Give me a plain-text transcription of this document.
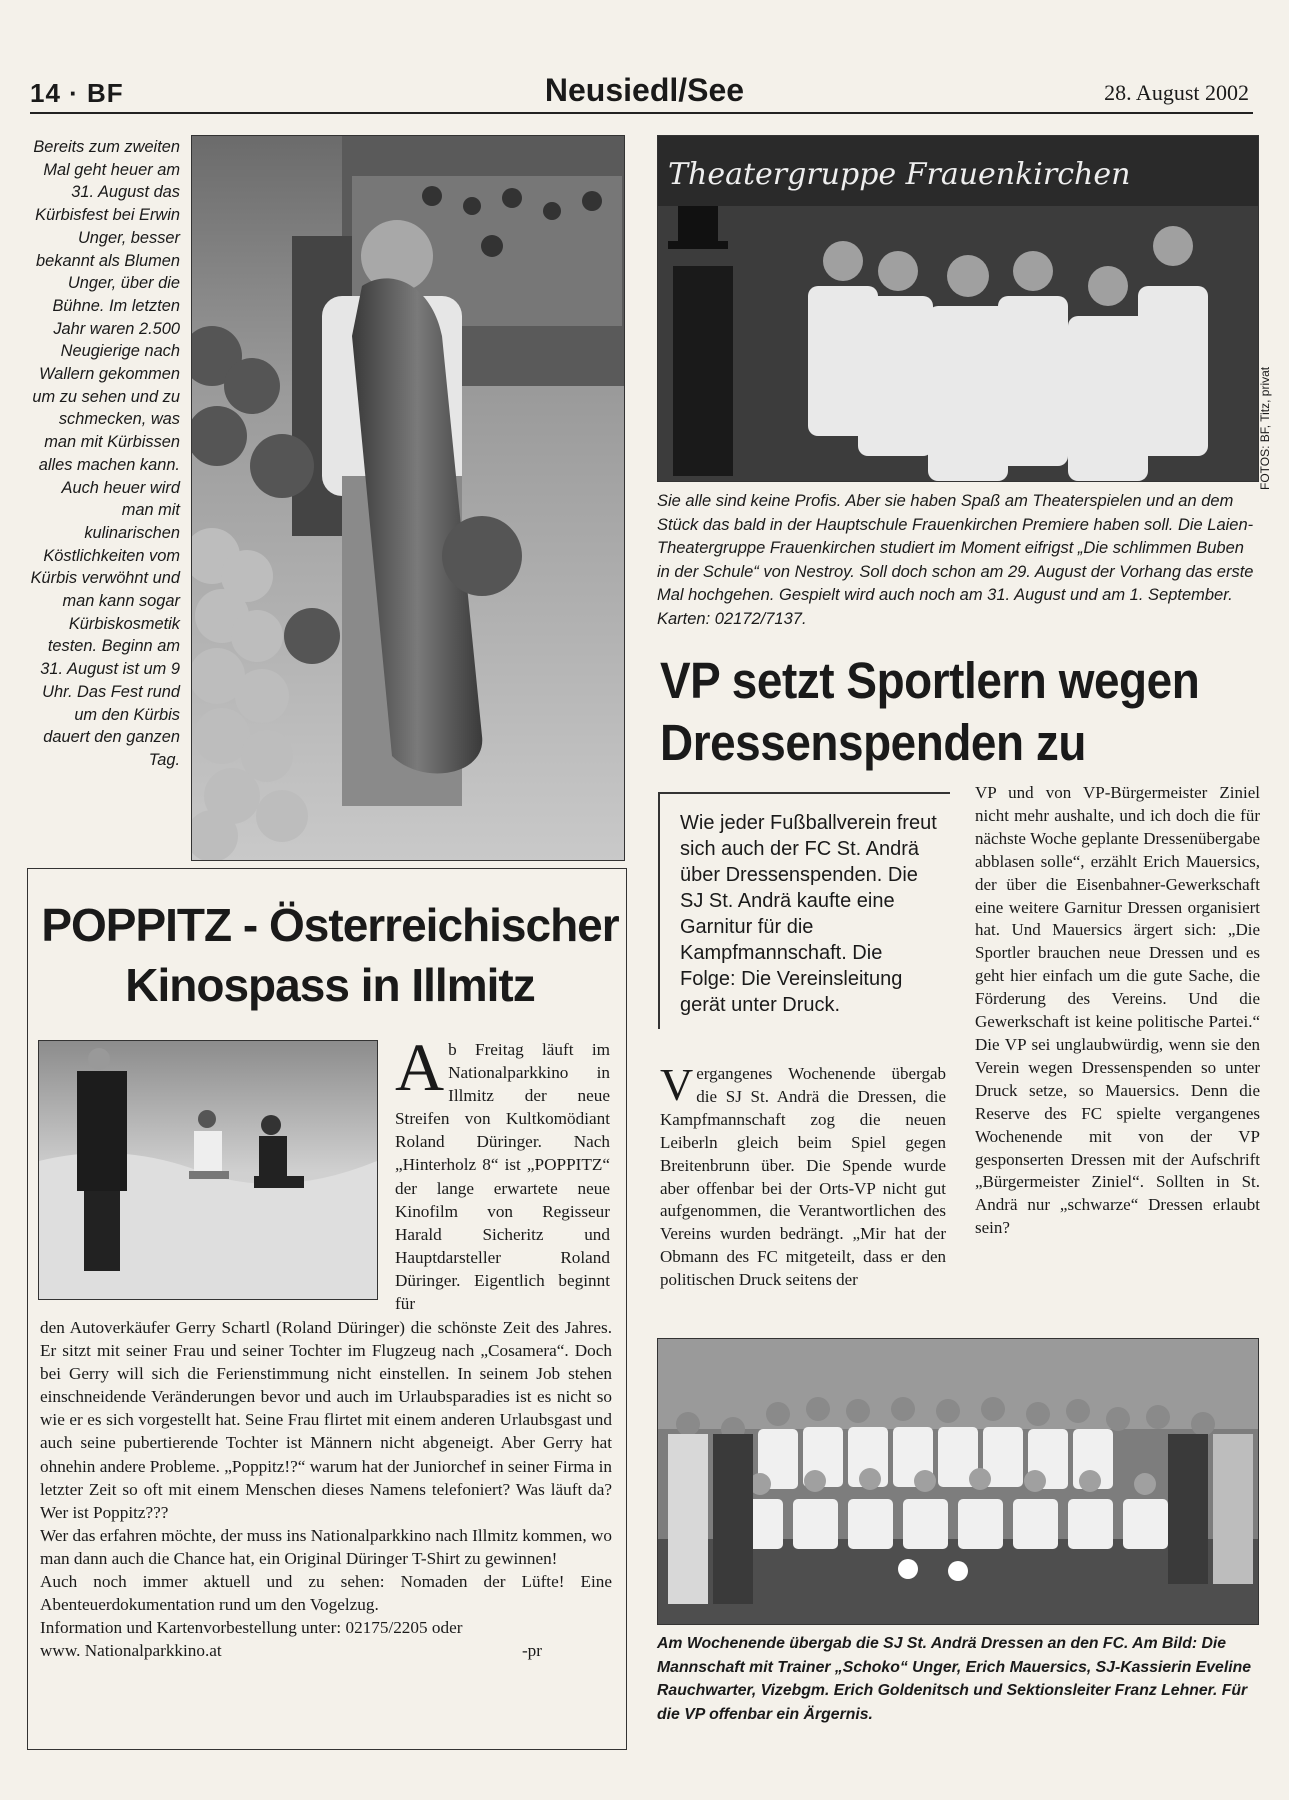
14 · BF	Neusiedl/See	28. August 2002
Bereits zum zweiten Mal geht heuer am 31. August das Kürbisfest bei Erwin Unger, besser bekannt als Blumen Unger, über die Bühne. Im letzten Jahr waren 2.500 Neugierige nach Wallern gekommen um zu sehen und zu schmecken, was man mit Kürbissen alles machen kann. Auch heuer wird man mit kulinarischen Köstlichkeiten vom Kürbis verwöhnt und man kann sogar Kürbiskosmetik testen. Beginn am 31. August ist um 9 Uhr. Das Fest rund um den Kürbis dauert den ganzen Tag.
Theatergruppe Frauenkirchen
FOTOS: BF, Titz, privat
Sie alle sind keine Profis. Aber sie haben Spaß am Theaterspielen und an dem Stück das bald in der Hauptschule Frauenkirchen Premiere haben soll. Die Laien-Theatergruppe Frauenkirchen studiert im Moment eifrigst „Die schlimmen Buben in der Schule“ von Nestroy. Soll doch schon am 29. August der Vorhang das erste Mal hochgehen. Gespielt wird auch noch am 31. August und am 1. September. Karten: 02172/7137.
VP setzt Sportlern wegen Dressenspenden zu
Wie jeder Fußballverein freut sich auch der FC St. Andrä über Dressenspenden. Die SJ St. Andrä kaufte eine Garnitur für die Kampfmannschaft. Die Folge: Die Vereinsleitung gerät unter Druck.
Vergangenes Wochenende übergab die SJ St. Andrä die Dressen, die Kampfmannschaft zog die neuen Leiberln gleich beim Spiel gegen Breitenbrunn über. Die Spende wurde aber offenbar bei der Orts-VP nicht gut aufgenommen, die Verantwortlichen des Vereins wurden bedrängt. „Mir hat der Obmann des FC mitgeteilt, dass er den politischen Druck seitens der
VP und von VP-Bürgermeister Ziniel nicht mehr aushalte, und ich doch die für nächste Woche geplante Dressenübergabe abblasen solle“, erzählt Erich Mauersics, der über die Eisenbahner-Gewerkschaft eine weitere Garnitur Dressen organisiert hat. Und Mauersics ärgert sich: „Die Sportler brauchen neue Dressen und es geht hier einfach um die gute Sache, die Förderung des Vereins. Und die Gewerkschaft ist keine politische Partei.“ Die VP sei unglaubwürdig, wenn sie den Verein wegen Dressenspenden so unter Druck setze, so Mauersics. Denn die Reserve des FC spielte vergangenes Wochenende mit von der VP gesponserten Dressen mit der Aufschrift „Bürgermeister Ziniel“. Sollten in St. Andrä nur „schwarze“ Dressen erlaubt sein?
Am Wochenende übergab die SJ St. Andrä Dressen an den FC. Am Bild: Die Mannschaft mit Trainer „Schoko“ Unger, Erich Mauersics, SJ-Kassierin Eveline Rauchwarter, Vizebgm. Erich Goldenitsch und Sektionsleiter Franz Lehner. Für die VP offenbar ein Ärgernis.
POPPITZ - Österreichischer
Kinospass in Illmitz
Ab Freitag läuft im Nationalparkkino in Illmitz der neue Streifen von Kultkomödiant Roland Düringer. Nach „Hinterholz 8“ ist „POPPITZ“ der lange erwartete neue Kinofilm von Regisseur Harald Sicheritz und Hauptdarsteller Roland Düringer. Eigentlich beginnt für

den Autoverkäufer Gerry Schartl (Roland Düringer) die schönste Zeit des Jahres. Er sitzt mit seiner Frau und seiner Tochter im Flugzeug nach „Cosamera“. Doch bei Gerry will sich die Ferienstimmung nicht einstellen. In seinem Job stehen einschneidende Veränderungen bevor und auch im Urlaubsparadies ist es nicht so wie er es sich vorgestellt hat. Seine Frau flirtet mit einem anderen Urlaubsgast und auch seine pubertierende Tochter ist Männern nicht abgeneigt. Aber Gerry hat ohnehin andere Probleme. „Poppitz!?“ warum hat der Juniorchef in seiner Firma in letzter Zeit so oft mit einem Menschen dieses Namens telefoniert? Was läuft da? Wer ist Poppitz???

Wer das erfahren möchte, der muss ins Nationalparkkino nach Illmitz kommen, wo man dann auch die Chance hat, ein Original Düringer T-Shirt zu gewinnen!

Auch noch immer aktuell und zu sehen: Nomaden der Lüfte! Eine Abenteuerdokumentation rund um den Vogelzug.

Information und Kartenvorbestellung unter: 02175/2205 oder

www. Nationalparkkino.at	-pr
